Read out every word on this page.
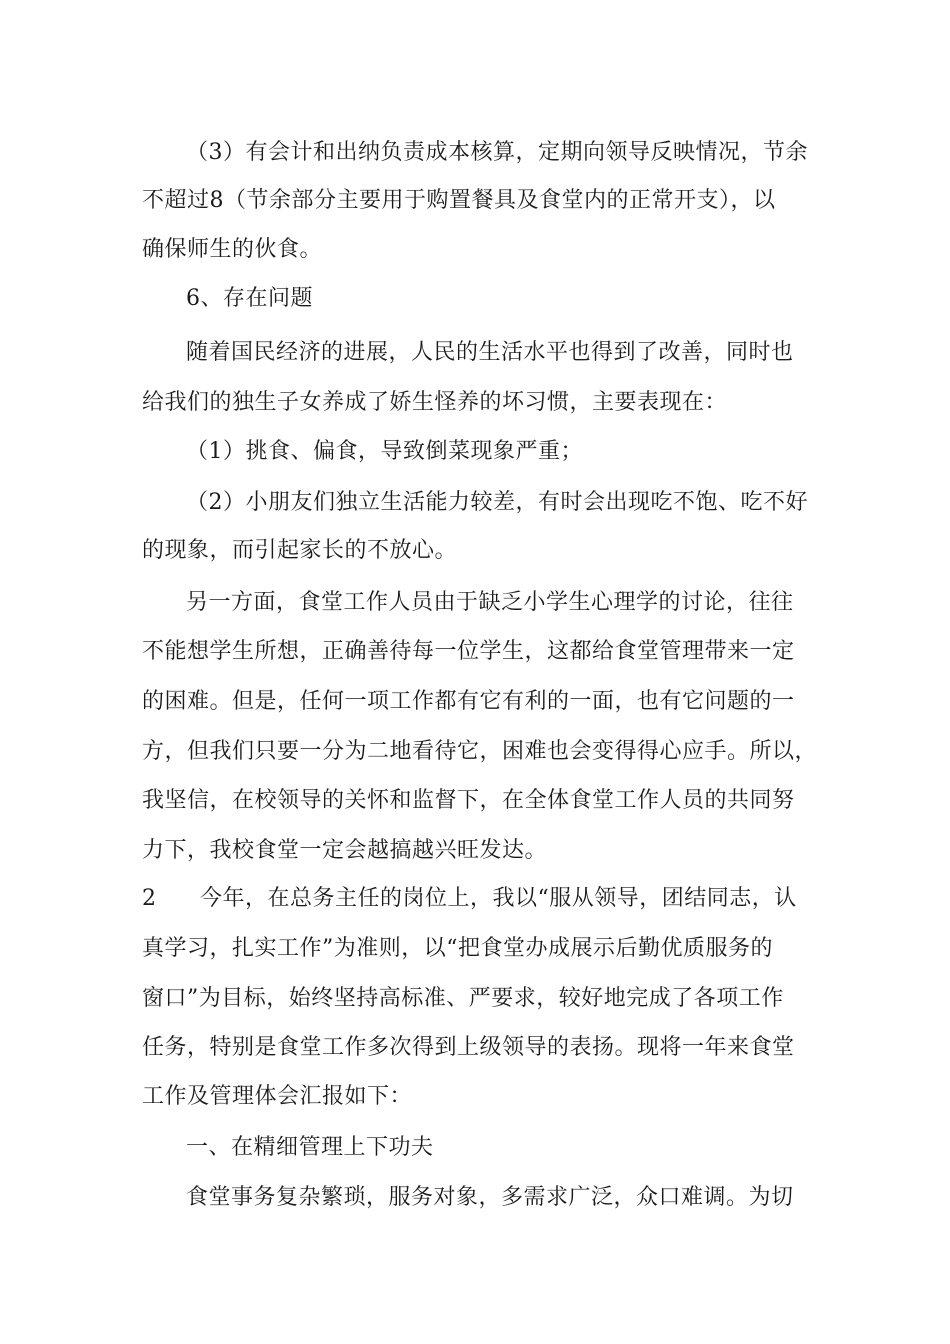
（3）有会计和出纳负责成本核算，定期向领导反映情况，节余
不超过8（节余部分主要用于购置餐具及食堂内的正常开支），以
确保师生的伙食。
6、存在问题
随着国民经济的进展，人民的生活水平也得到了改善，同时也
给我们的独生子女养成了娇生怪养的坏习惯，主要表现在：
（1）挑食、偏食，导致倒菜现象严重；
（2）小朋友们独立生活能力较差，有时会出现吃不饱、吃不好
的现象，而引起家长的不放心。
另一方面，食堂工作人员由于缺乏小学生心理学的讨论，往往
不能想学生所想，正确善待每一位学生，这都给食堂管理带来一定
的困难。但是，任何一项工作都有它有利的一面，也有它问题的一
方，但我们只要一分为二地看待它，困难也会变得得心应手。所以，
我坚信，在校领导的关怀和监督下，在全体食堂工作人员的共同努
力下，我校食堂一定会越搞越兴旺发达。
2 今年，在总务主任的岗位上，我以“服从领导，团结同志，认
真学习，扎实工作”为准则，以“把食堂办成展示后勤优质服务的
窗口”为目标，始终坚持高标准、严要求，较好地完成了各项工作
任务，特别是食堂工作多次得到上级领导的表扬。现将一年来食堂
工作及管理体会汇报如下：
一、在精细管理上下功夫
食堂事务复杂繁琐，服务对象，多需求广泛，众口难调。为切
